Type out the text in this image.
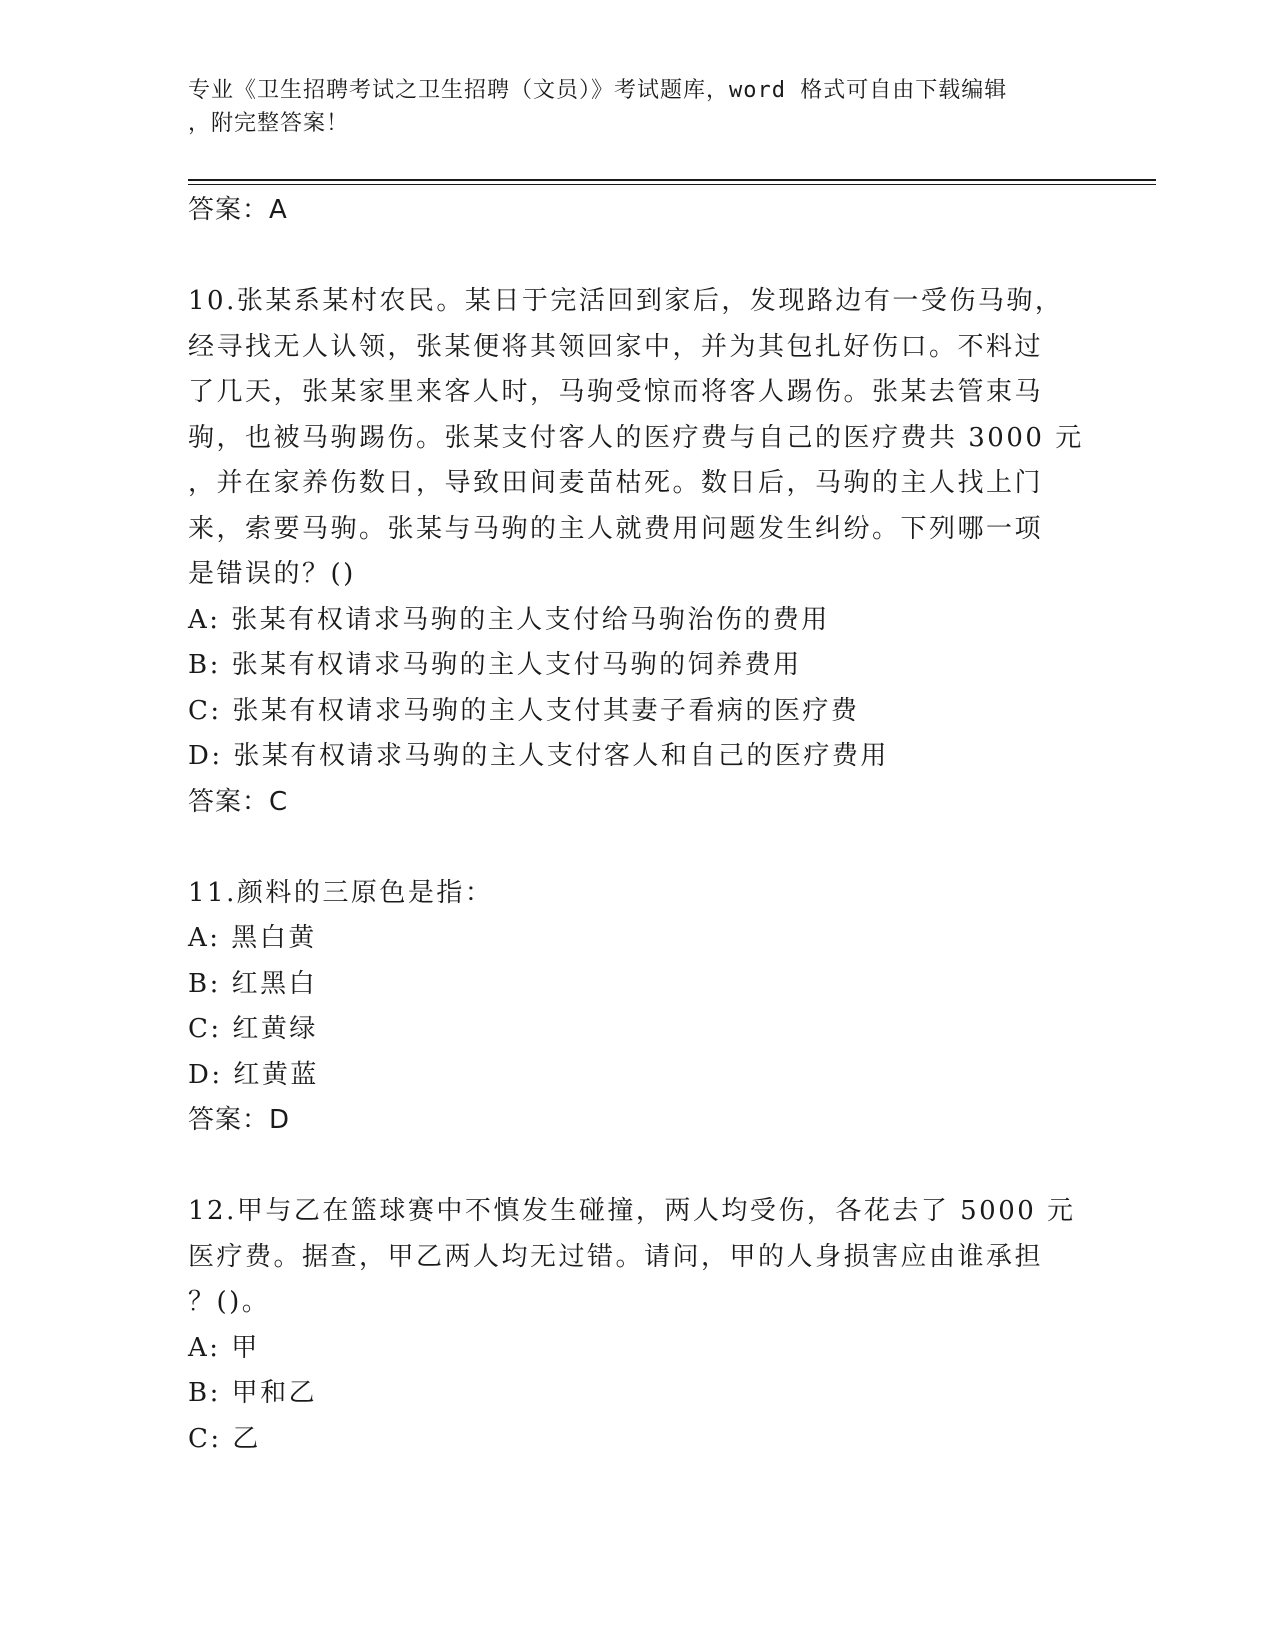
专业《卫生招聘考试之卫生招聘（文员）》考试题库，word 格式可自由下载编辑
，附完整答案！
答案：A
10.张某系某村农民。某日于完活回到家后，发现路边有一受伤马驹，
经寻找无人认领，张某便将其领回家中，并为其包扎好伤口。不料过
了几天，张某家里来客人时，马驹受惊而将客人踢伤。张某去管束马
驹，也被马驹踢伤。张某支付客人的医疗费与自己的医疗费共 3000 元
，并在家养伤数日，导致田间麦苗枯死。数日后，马驹的主人找上门
来，索要马驹。张某与马驹的主人就费用问题发生纠纷。下列哪一项
是错误的？()
A: 张某有权请求马驹的主人支付给马驹治伤的费用
B: 张某有权请求马驹的主人支付马驹的饲养费用
C: 张某有权请求马驹的主人支付其妻子看病的医疗费
D: 张某有权请求马驹的主人支付客人和自己的医疗费用
答案：C
11.颜料的三原色是指：
A: 黑白黄
B: 红黑白
C: 红黄绿
D: 红黄蓝
答案：D
12.甲与乙在篮球赛中不慎发生碰撞，两人均受伤，各花去了 5000 元
医疗费。据查，甲乙两人均无过错。请问，甲的人身损害应由谁承担
？()。
A: 甲
B: 甲和乙
C: 乙
